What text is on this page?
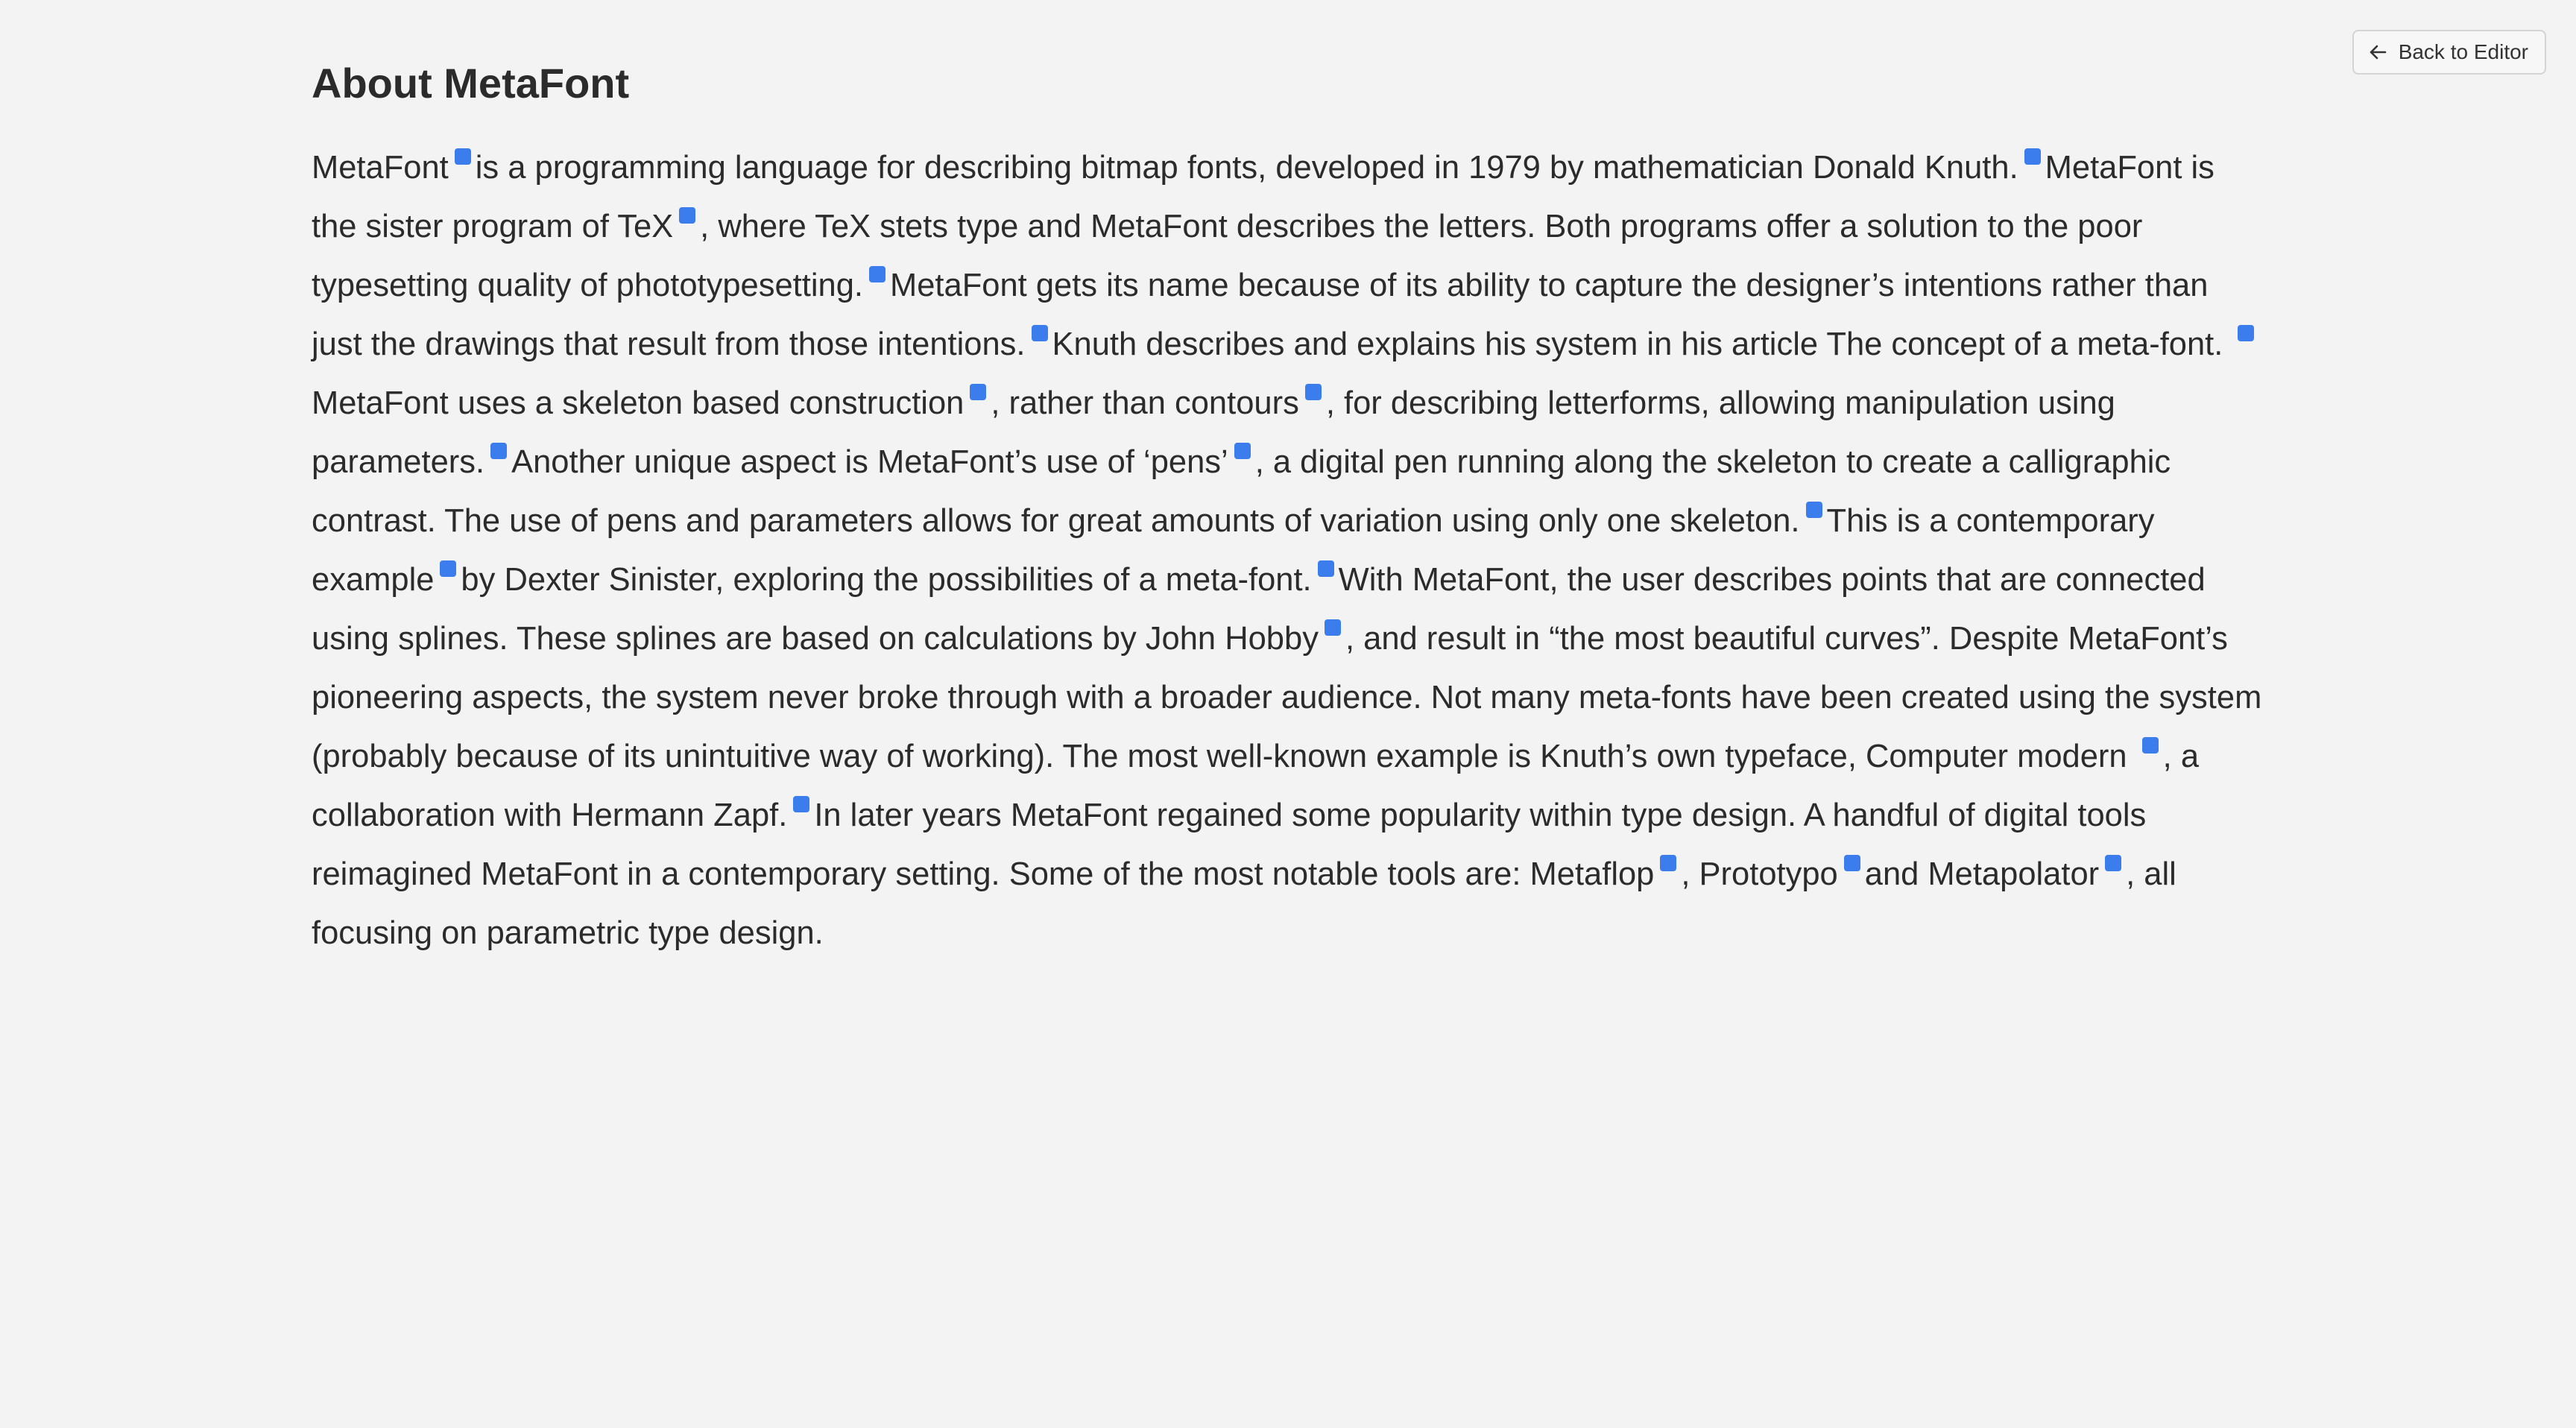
Back to Editor
About MetaFont

MetaFont is a programming language for describing bitmap fonts, developed in 1979 by mathematician Donald Knuth. MetaFont is the sister program of TeX , where TeX stets type and MetaFont describes the letters. Both programs offer a solution to the poor typesetting quality of phototypesetting. MetaFont gets its name because of its ability to capture the designer’s intentions rather than just the drawings that result from those intentions. Knuth describes and explains his system in his article The concept of a meta-font. MetaFont uses a skeleton based construction , rather than contours , for describing letterforms, allowing manipulation using parameters. Another unique aspect is MetaFont’s use of ‘pens’ , a digital pen running along the skeleton to create a calligraphic contrast. The use of pens and parameters allows for great amounts of variation using only one skeleton. This is a contemporary example by Dexter Sinister, exploring the possibilities of a meta-font. With MetaFont, the user describes points that are connected using splines. These splines are based on calculations by John Hobby , and result in “the most beautiful curves”. Despite MetaFont’s pioneering aspects, the system never broke through with a broader audience. Not many meta-fonts have been created using the system (probably because of its unintuitive way of working). The most well-known example is Knuth’s own typeface, Computer modern , a collaboration with Hermann Zapf. In later years MetaFont regained some popularity within type design. A handful of digital tools reimagined MetaFont in a contemporary setting. Some of the most notable tools are: Metaflop , Prototypo and Metapolator , all focusing on parametric type design.
